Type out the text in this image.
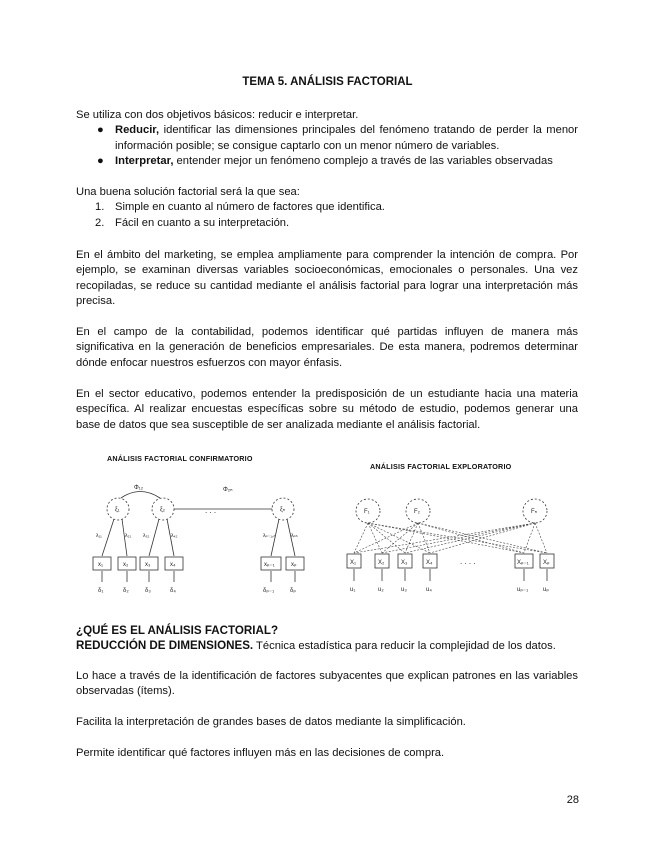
TEMA 5. ANÁLISIS FACTORIAL

Se utiliza con dos objetivos básicos: reducir e interpretar.

● Reducir, identificar las dimensiones principales del fenómeno tratando de perder la menor información posible; se consigue captarlo con un menor número de variables.
● Interpretar, entender mejor un fenómeno complejo a través de las variables observadas

Una buena solución factorial será la que sea:

1. Simple en cuanto al número de factores que identifica.
2. Fácil en cuanto a su interpretación.

En el ámbito del marketing, se emplea ampliamente para comprender la intención de compra. Por ejemplo, se examinan diversas variables socioeconómicas, emocionales o personales. Una vez recopiladas, se reduce su cantidad mediante el análisis factorial para lograr una interpretación más precisa.

En el campo de la contabilidad, podemos identificar qué partidas influyen de manera más significativa en la generación de beneficios empresariales. De esta manera, podremos determinar dónde enfocar nuestros esfuerzos con mayor énfasis.

En el sector educativo, podemos entender la predisposición de un estudiante hacia una materia específica. Al realizar encuestas específicas sobre su método de estudio, podemos generar una base de datos que sea susceptible de ser analizada mediante el análisis factorial.

ANÁLISIS FACTORIAL CONFIRMATORIO
ANÁLISIS FACTORIAL EXPLORATORIO
ξ₁	ξ₂	ξₙ
Φ₁₂	Φ₂ₙ
. . .
λ₁₁	λ₂₁ λ₃₂	λ₄₂	λₚ₋₁,ₙ	λₚₙ
x₁	x₂	x₃	x₄	xₚ₋₁	xₚ
δ₁	δ₂	δ₃	δ₄	δₚ₋₁	δₚ
F₁	F₂	Fₙ
X₁	X₂	X₃	X₄	Xₚ₋₁ Xₚ
. . . .
u₁	u₂	u₃	u₄	uₚ₋₁ uₚ
¿QUÉ ES EL ANÁLISIS FACTORIAL?

REDUCCIÓN DE DIMENSIONES. Técnica estadística para reducir la complejidad de los datos.

Lo hace a través de la identificación de factores subyacentes que explican patrones en las variables observadas (ítems).

Facilita la interpretación de grandes bases de datos mediante la simplificación.

Permite identificar qué factores influyen más en las decisiones de compra.

28
